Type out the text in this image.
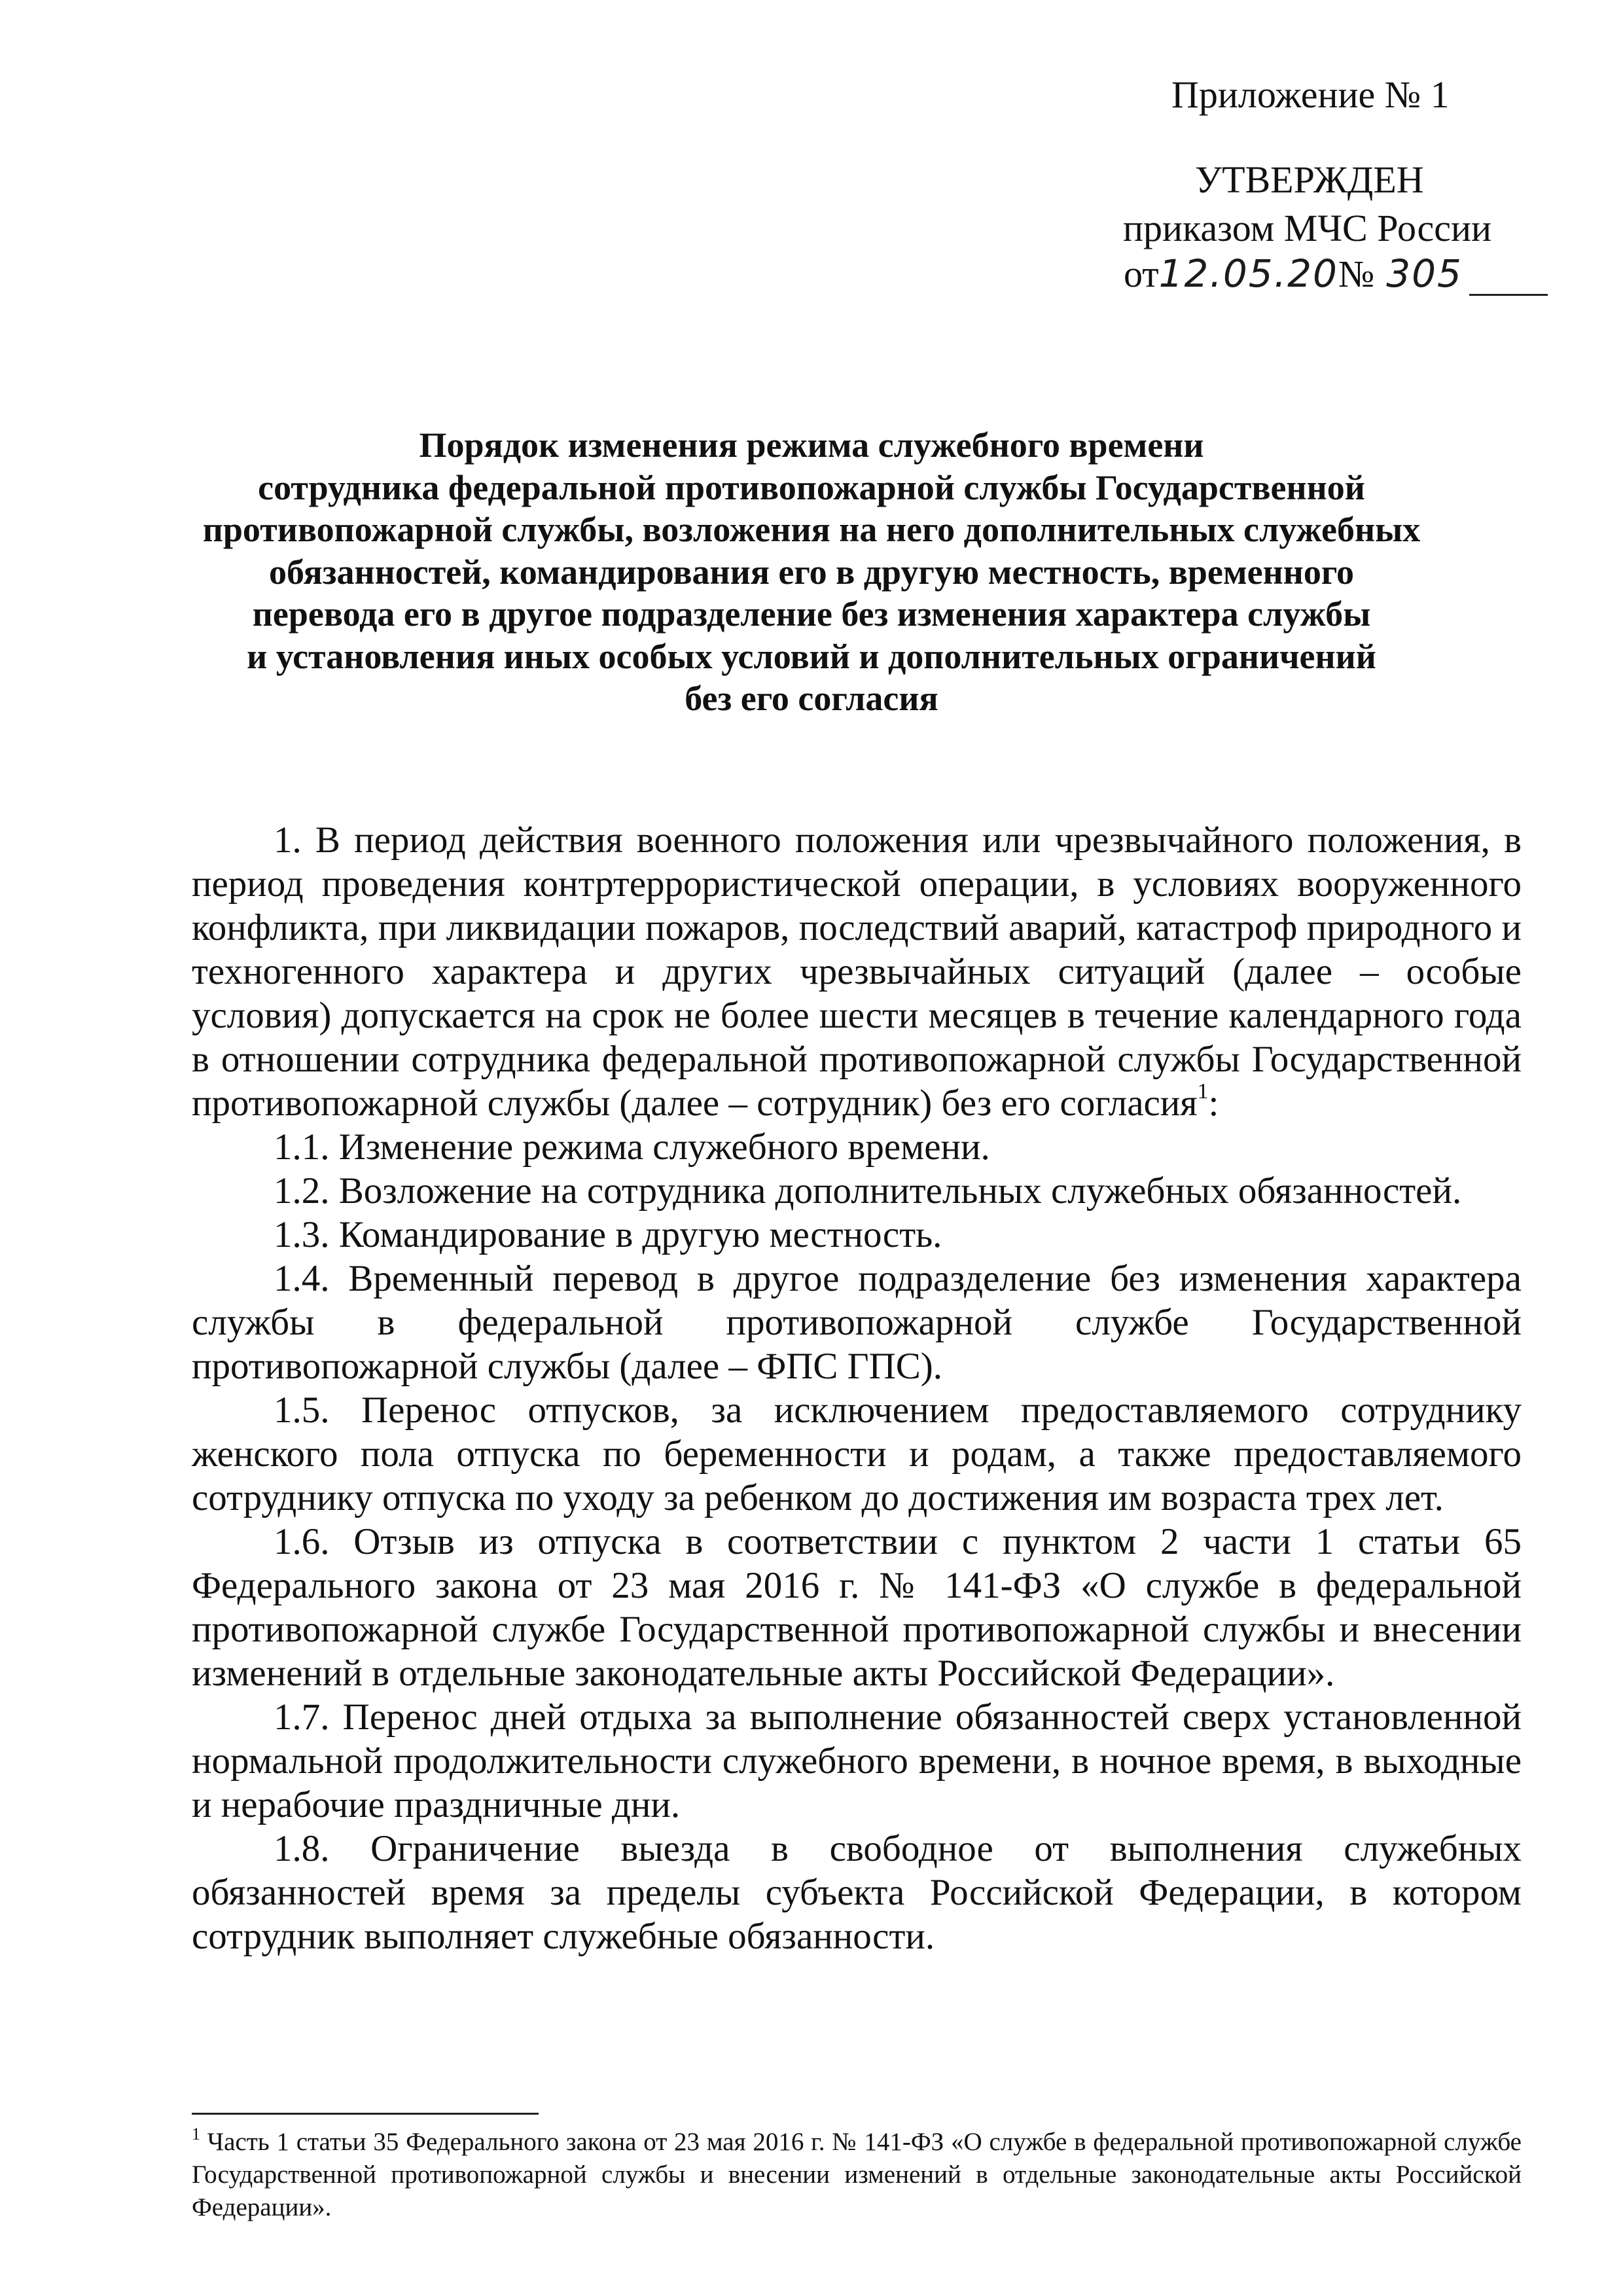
Приложение № 1
УТВЕРЖДЕН
приказом МЧС России
от12.05.20№ 305
Порядок изменения режима служебного времени
сотрудника федеральной противопожарной службы Государственной
противопожарной службы, возложения на него дополнительных служебных
обязанностей, командирования его в другую местность, временного
перевода его в другое подразделение без изменения характера службы
и установления иных особых условий и дополнительных ограничений
без его согласия

1. В период действия военного положения или чрезвычайного положения, в период проведения контртеррористической операции, в условиях вооруженного конфликта, при ликвидации пожаров, последствий аварий, катастроф природного и техногенного характера и других чрезвычайных ситуаций (далее – особые условия) допускается на срок не более шести месяцев в течение календарного года в отношении сотрудника федеральной противопожарной службы Государственной противопожарной службы (далее – сотрудник) без его согласия$^1$:

1.1. Изменение режима служебного времени.

1.2. Возложение на сотрудника дополнительных служебных обязанностей.

1.3. Командирование в другую местность.

1.4. Временный перевод в другое подразделение без изменения характера службы в федеральной противопожарной службе Государственной противопожарной службы (далее – ФПС ГПС).

1.5. Перенос отпусков, за исключением предоставляемого сотруднику женского пола отпуска по беременности и родам, а также предоставляемого сотруднику отпуска по уходу за ребенком до достижения им возраста трех лет.

1.6. Отзыв из отпуска в соответствии с пунктом 2 части 1 статьи 65 Федерального закона от 23 мая 2016 г. № 141-ФЗ «О службе в федеральной противопожарной службе Государственной противопожарной службы и внесении изменений в отдельные законодательные акты Российской Федерации».

1.7. Перенос дней отдыха за выполнение обязанностей сверх установленной нормальной продолжительности служебного времени, в ночное время, в выходные и нерабочие праздничные дни.

1.8. Ограничение выезда в свободное от выполнения служебных обязанностей время за пределы субъекта Российской Федерации, в котором сотрудник выполняет служебные обязанности.

$^1$ Часть 1 статьи 35 Федерального закона от 23 мая 2016 г. № 141-ФЗ «О службе в федеральной противопожарной службе Государственной противопожарной службы и внесении изменений в отдельные законодательные акты Российской Федерации».
